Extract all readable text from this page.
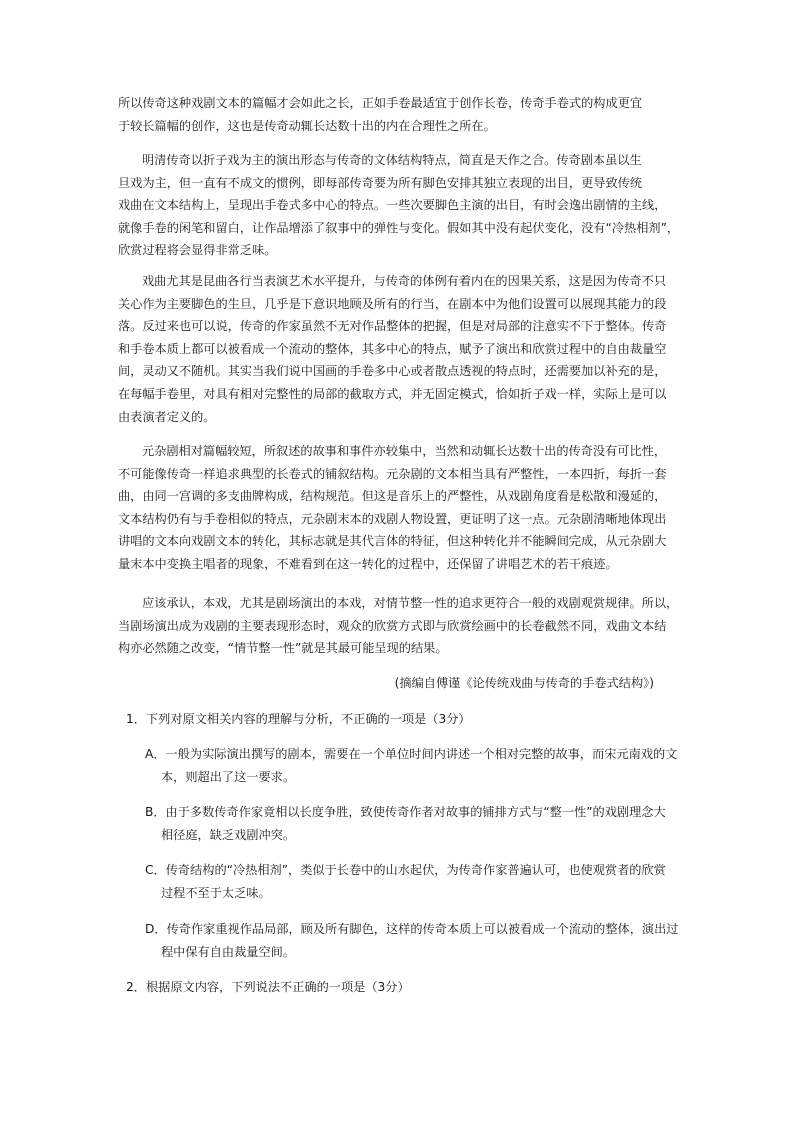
所以传奇这种戏剧文本的篇幅才会如此之长，正如手卷最适宜于创作长卷，传奇手卷式的构成更宜
于较长篇幅的创作，这也是传奇动辄长达数十出的内在合理性之所在。

明清传奇以折子戏为主的演出形态与传奇的文体结构特点，简直是天作之合。传奇剧本虽以生
旦戏为主，但一直有不成文的惯例，即每部传奇要为所有脚色安排其独立表现的出目，更导致传统
戏曲在文本结构上，呈现出手卷式多中心的特点。一些次要脚色主演的出目，有时会逸出剧情的主线，
就像手卷的闲笔和留白，让作品增添了叙事中的弹性与变化。假如其中没有起伏变化，没有“冷热相剂”，
欣赏过程将会显得非常乏味。

戏曲尤其是昆曲各行当表演艺术水平提升，与传奇的体例有着内在的因果关系，这是因为传奇不只
关心作为主要脚色的生旦，几乎是下意识地顾及所有的行当，在剧本中为他们设置可以展现其能力的段
落。反过来也可以说，传奇的作家虽然不无对作品整体的把握，但是对局部的注意实不下于整体。传奇
和手卷本质上都可以被看成一个流动的整体，其多中心的特点，赋予了演出和欣赏过程中的自由裁量空
间，灵动又不随机。其实当我们说中国画的手卷多中心或者散点透视的特点时，还需要加以补充的是，
在每幅手卷里，对具有相对完整性的局部的截取方式，并无固定模式，恰如折子戏一样，实际上是可以
由表演者定义的。

元杂剧相对篇幅较短，所叙述的故事和事件亦较集中，当然和动辄长达数十出的传奇没有可比性，
不可能像传奇一样追求典型的长卷式的铺叙结构。元杂剧的文本相当具有严整性，一本四折，每折一套
曲，由同一宫调的多支曲牌构成，结构规范。但这是音乐上的严整性，从戏剧角度看是松散和漫延的，
文本结构仍有与手卷相似的特点，元杂剧末本的戏剧人物设置，更证明了这一点。元杂剧清晰地体现出
讲唱的文本向戏剧文本的转化，其标志就是其代言体的特征，但这种转化并不能瞬间完成，从元杂剧大
量末本中变换主唱者的现象，不难看到在这一转化的过程中，还保留了讲唱艺术的若干痕迹。

应该承认，本戏，尤其是剧场演出的本戏，对情节整一性的追求更符合一般的戏剧观赏规律。所以，
当剧场演出成为戏剧的主要表现形态时，观众的欣赏方式即与欣赏绘画中的长卷截然不同，戏曲文本结
构亦必然随之改变，“情节整一性”就是其最可能呈现的结果。

(摘编自傅谨《论传统戏曲与传奇的手卷式结构》)
1．下列对原文相关内容的理解与分析，不正确的一项是（3分）
A．一般为实际演出撰写的剧本，需要在一个单位时间内讲述一个相对完整的故事，而宋元南戏的文
本，则超出了这一要求。
B．由于多数传奇作家竟相以长度争胜，致使传奇作者对故事的铺排方式与“整一性”的戏剧理念大
相径庭，缺乏戏剧冲突。
C．传奇结构的“冷热相剂”，类似于长卷中的山水起伏，为传奇作家普遍认可，也使观赏者的欣赏
过程不至于太乏味。
D．传奇作家重视作品局部，顾及所有脚色，这样的传奇本质上可以被看成一个流动的整体，演出过
程中保有自由裁量空间。
2．根据原文内容，下列说法不正确的一项是（3分）
